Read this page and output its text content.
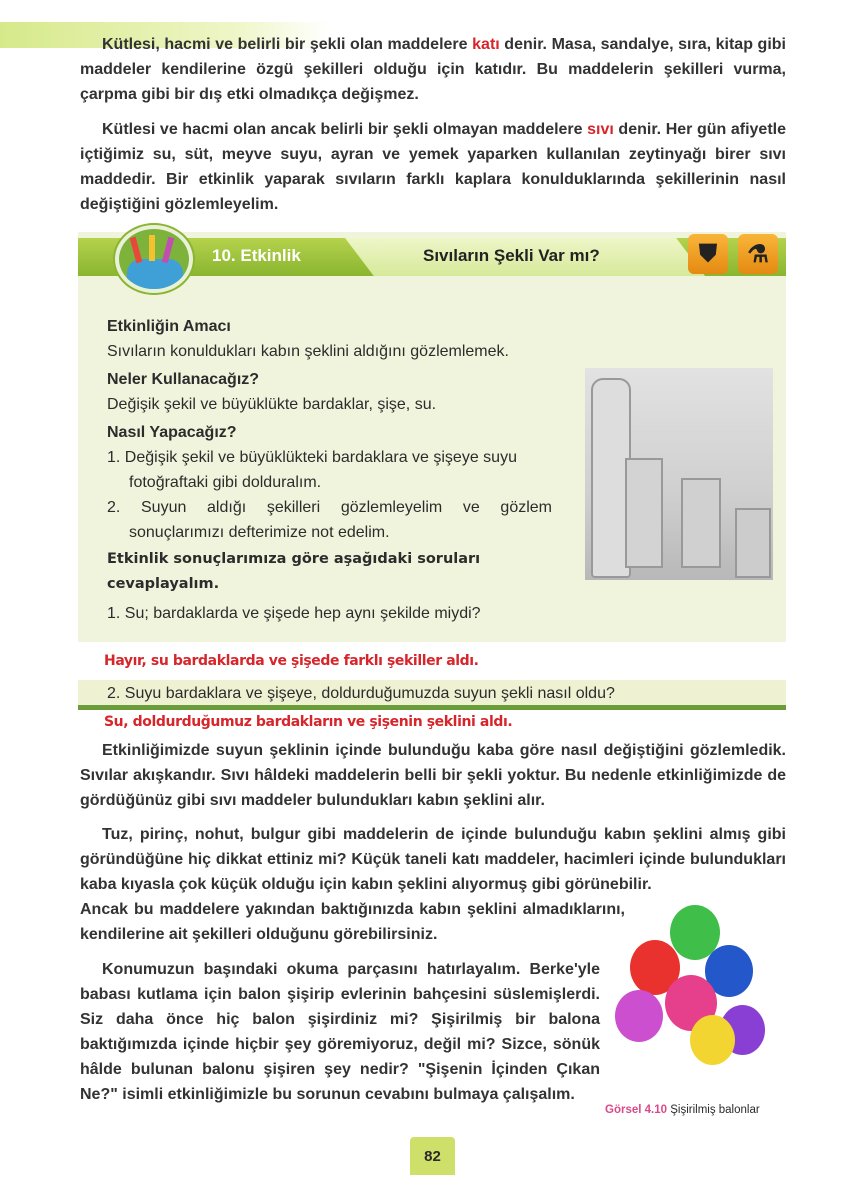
Kütlesi, hacmi ve belirli bir şekli olan maddelere katı denir. Masa, sandalye, sıra, kitap gibi maddeler kendilerine özgü şekilleri olduğu için katıdır. Bu maddelerin şekilleri vurma, çarpma gibi bir dış etki olmadıkça değişmez.
Kütlesi ve hacmi olan ancak belirli bir şekli olmayan maddelere sıvı denir. Her gün afiyetle içtiğimiz su, süt, meyve suyu, ayran ve yemek yaparken kullanılan zeytinyağı birer sıvı maddedir. Bir etkinlik yaparak sıvıların farklı kaplara konulduklarında şekillerinin nasıl değiştiğini gözlemleyelim.
10. Etkinlik	Sıvıların Şekli Var mı?	⛊	⚗
Etkinliğin Amacı
Sıvıların konuldukları kabın şeklini aldığını gözlemlemek.
Neler Kullanacağız?
Değişik şekil ve büyüklükte bardaklar, şişe, su.
Nasıl Yapacağız?
1. Değişik şekil ve büyüklükteki bardaklara ve şişeye suyu fotoğraftaki gibi dolduralım.
2. Suyun aldığı şekilleri gözlemleyelim ve gözlem sonuçlarımızı defterimize not edelim.
Etkinlik sonuçlarımıza göre aşağıdaki soruları cevaplayalım.
1. Su; bardaklarda ve şişede hep aynı şekilde miydi?
Hayır, su bardaklarda ve şişede farklı şekiller aldı.
2. Suyu bardaklara ve şişeye, doldurduğumuzda suyun şekli nasıl oldu?
Su, doldurduğumuz bardakların ve şişenin şeklini aldı.
Etkinliğimizde suyun şeklinin içinde bulunduğu kaba göre nasıl değiştiğini gözlemledik. Sıvılar akışkandır. Sıvı hâldeki maddelerin belli bir şekli yoktur. Bu nedenle etkinliğimizde de gördüğünüz gibi sıvı maddeler bulundukları kabın şeklini alır.
Tuz, pirinç, nohut, bulgur gibi maddelerin de içinde bulunduğu kabın şeklini almış gibi göründüğüne hiç dikkat ettiniz mi? Küçük taneli katı maddeler, hacimleri içinde bulundukları kaba kıyasla çok küçük olduğu için kabın şeklini alıyormuş gibi görünebilir.
Ancak bu maddelere yakından baktığınızda kabın şeklini almadıklarını, kendilerine ait şekilleri olduğunu görebilirsiniz.
Konumuzun başındaki okuma parçasını hatırlayalım. Berke'yle babası kutlama için balon şişirip evlerinin bahçesini süslemişlerdi. Siz daha önce hiç balon şişirdiniz mi? Şişirilmiş bir balona baktığımızda içinde hiçbir şey göremiyoruz, değil mi? Sizce, sönük hâlde bulunan balonu şişiren şey nedir? "Şişenin İçinden Çıkan Ne?" isimli etkinliğimizle bu sorunun cevabını bulmaya çalışalım.
Görsel 4.10 Şişirilmiş balonlar
82
